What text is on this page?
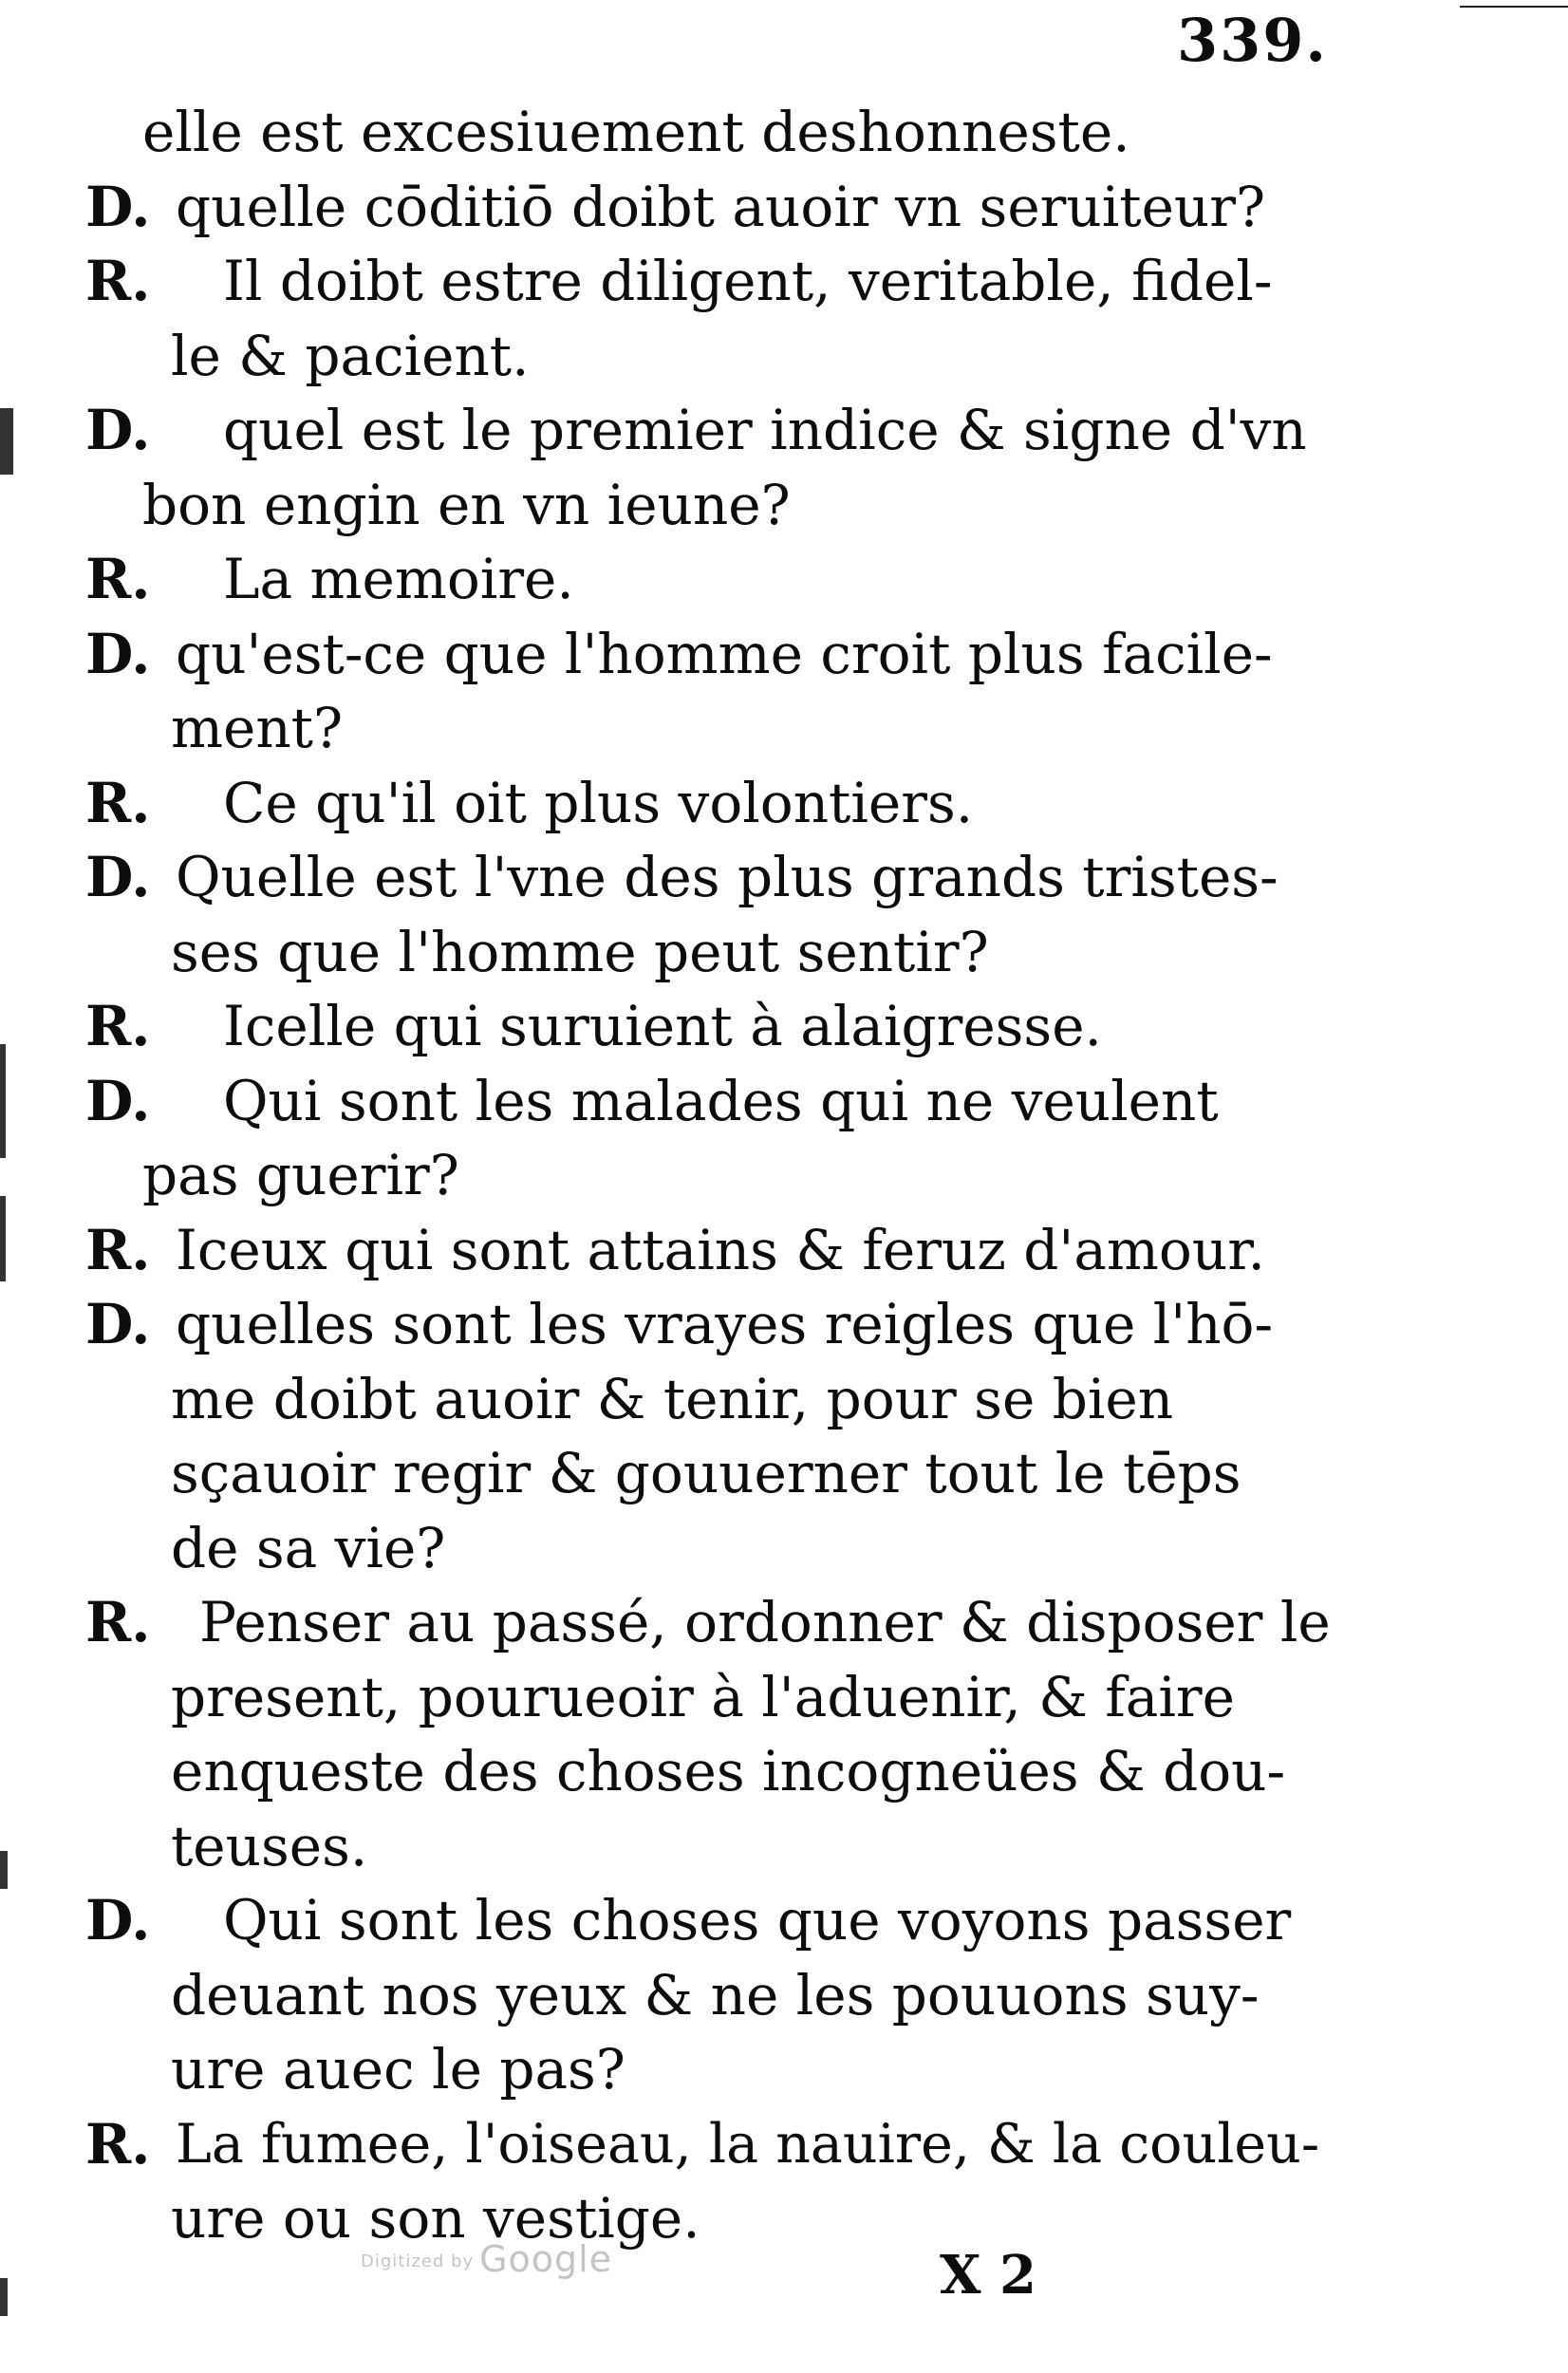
339.
elle est excesiuement deshonneste.
D. quelle cōditiō doibt auoir vn seruiteur?
R. Il doibt estre diligent, veritable, fidel-
le & pacient.
D. quel est le premier indice & signe d'vn
bon engin en vn ieune?
R. La memoire.
D. qu'est-ce que l'homme croit plus facile-
ment?
R. Ce qu'il oit plus volontiers.
D. Quelle est l'vne des plus grands tristes-
ses que l'homme peut sentir?
R. Icelle qui suruient à alaigresse.
D. Qui sont les malades qui ne veulent
pas guerir?
R. Iceux qui sont attains & feruz d'amour.
D. quelles sont les vrayes reigles que l'hō-
me doibt auoir & tenir, pour se bien
sçauoir regir & gouuerner tout le tēps
de sa vie?
R. Penser au passé, ordonner & disposer le
present, pourueoir à l'aduenir, & faire
enqueste des choses incogneües & dou-
teuses.
D. Qui sont les choses que voyons passer
deuant nos yeux & ne les pouuons suy-
ure auec le pas?
R. La fumee, l'oiseau, la nauire, & la couleu-
ure ou son vestige.
Digitized by Google	X 2
